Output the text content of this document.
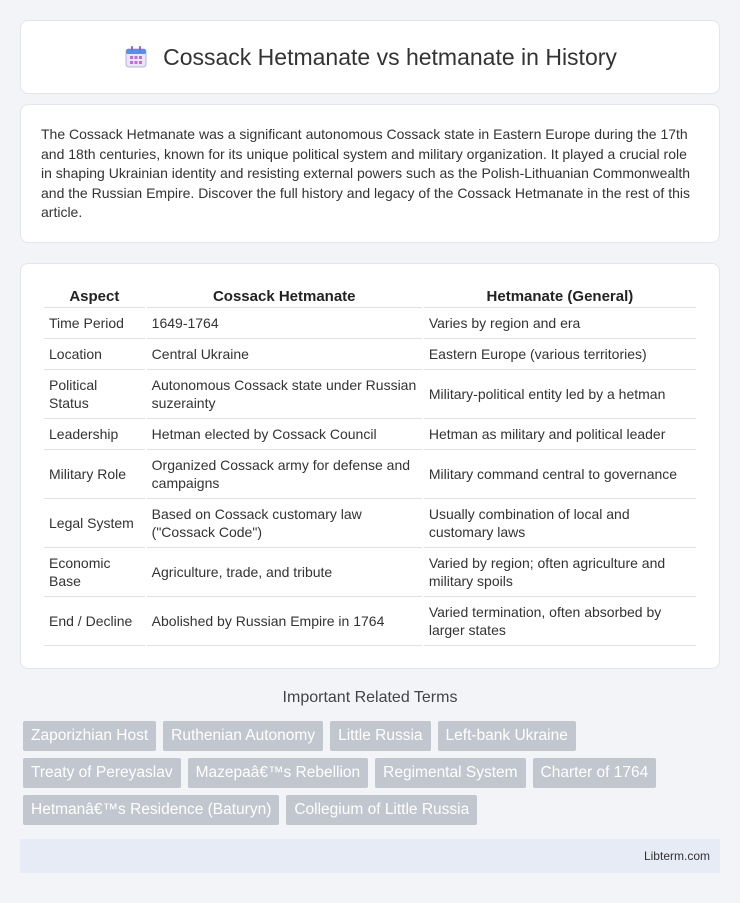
Cossack Hetmanate vs hetmanate in History

The Cossack Hetmanate was a significant autonomous Cossack state in Eastern Europe during the 17th and 18th centuries, known for its unique political system and military organization. It played a crucial role in shaping Ukrainian identity and resisting external powers such as the Polish-Lithuanian Commonwealth and the Russian Empire. Discover the full history and legacy of the Cossack Hetmanate in the rest of this article.

Aspect	Cossack Hetmanate	Hetmanate (General)
Time Period	1649-1764	Varies by region and era
Location	Central Ukraine	Eastern Europe (various territories)
Political Status	Autonomous Cossack state under Russian suzerainty	Military-political entity led by a hetman
Leadership	Hetman elected by Cossack Council	Hetman as military and political leader
Military Role	Organized Cossack army for defense and campaigns	Military command central to governance
Legal System	Based on Cossack customary law ("Cossack Code")	Usually combination of local and customary laws
Economic Base	Agriculture, trade, and tribute	Varied by region; often agriculture and military spoils
End / Decline	Abolished by Russian Empire in 1764	Varied termination, often absorbed by larger states
Important Related Terms
Zaporizhian Host	Ruthenian Autonomy	Little Russia	Left-bank Ukraine
Treaty of Pereyaslav	Mazepaâ€™s Rebellion	Regimental System	Charter of 1764
Hetmanâ€™s Residence (Baturyn)	Collegium of Little Russia
Libterm.com
